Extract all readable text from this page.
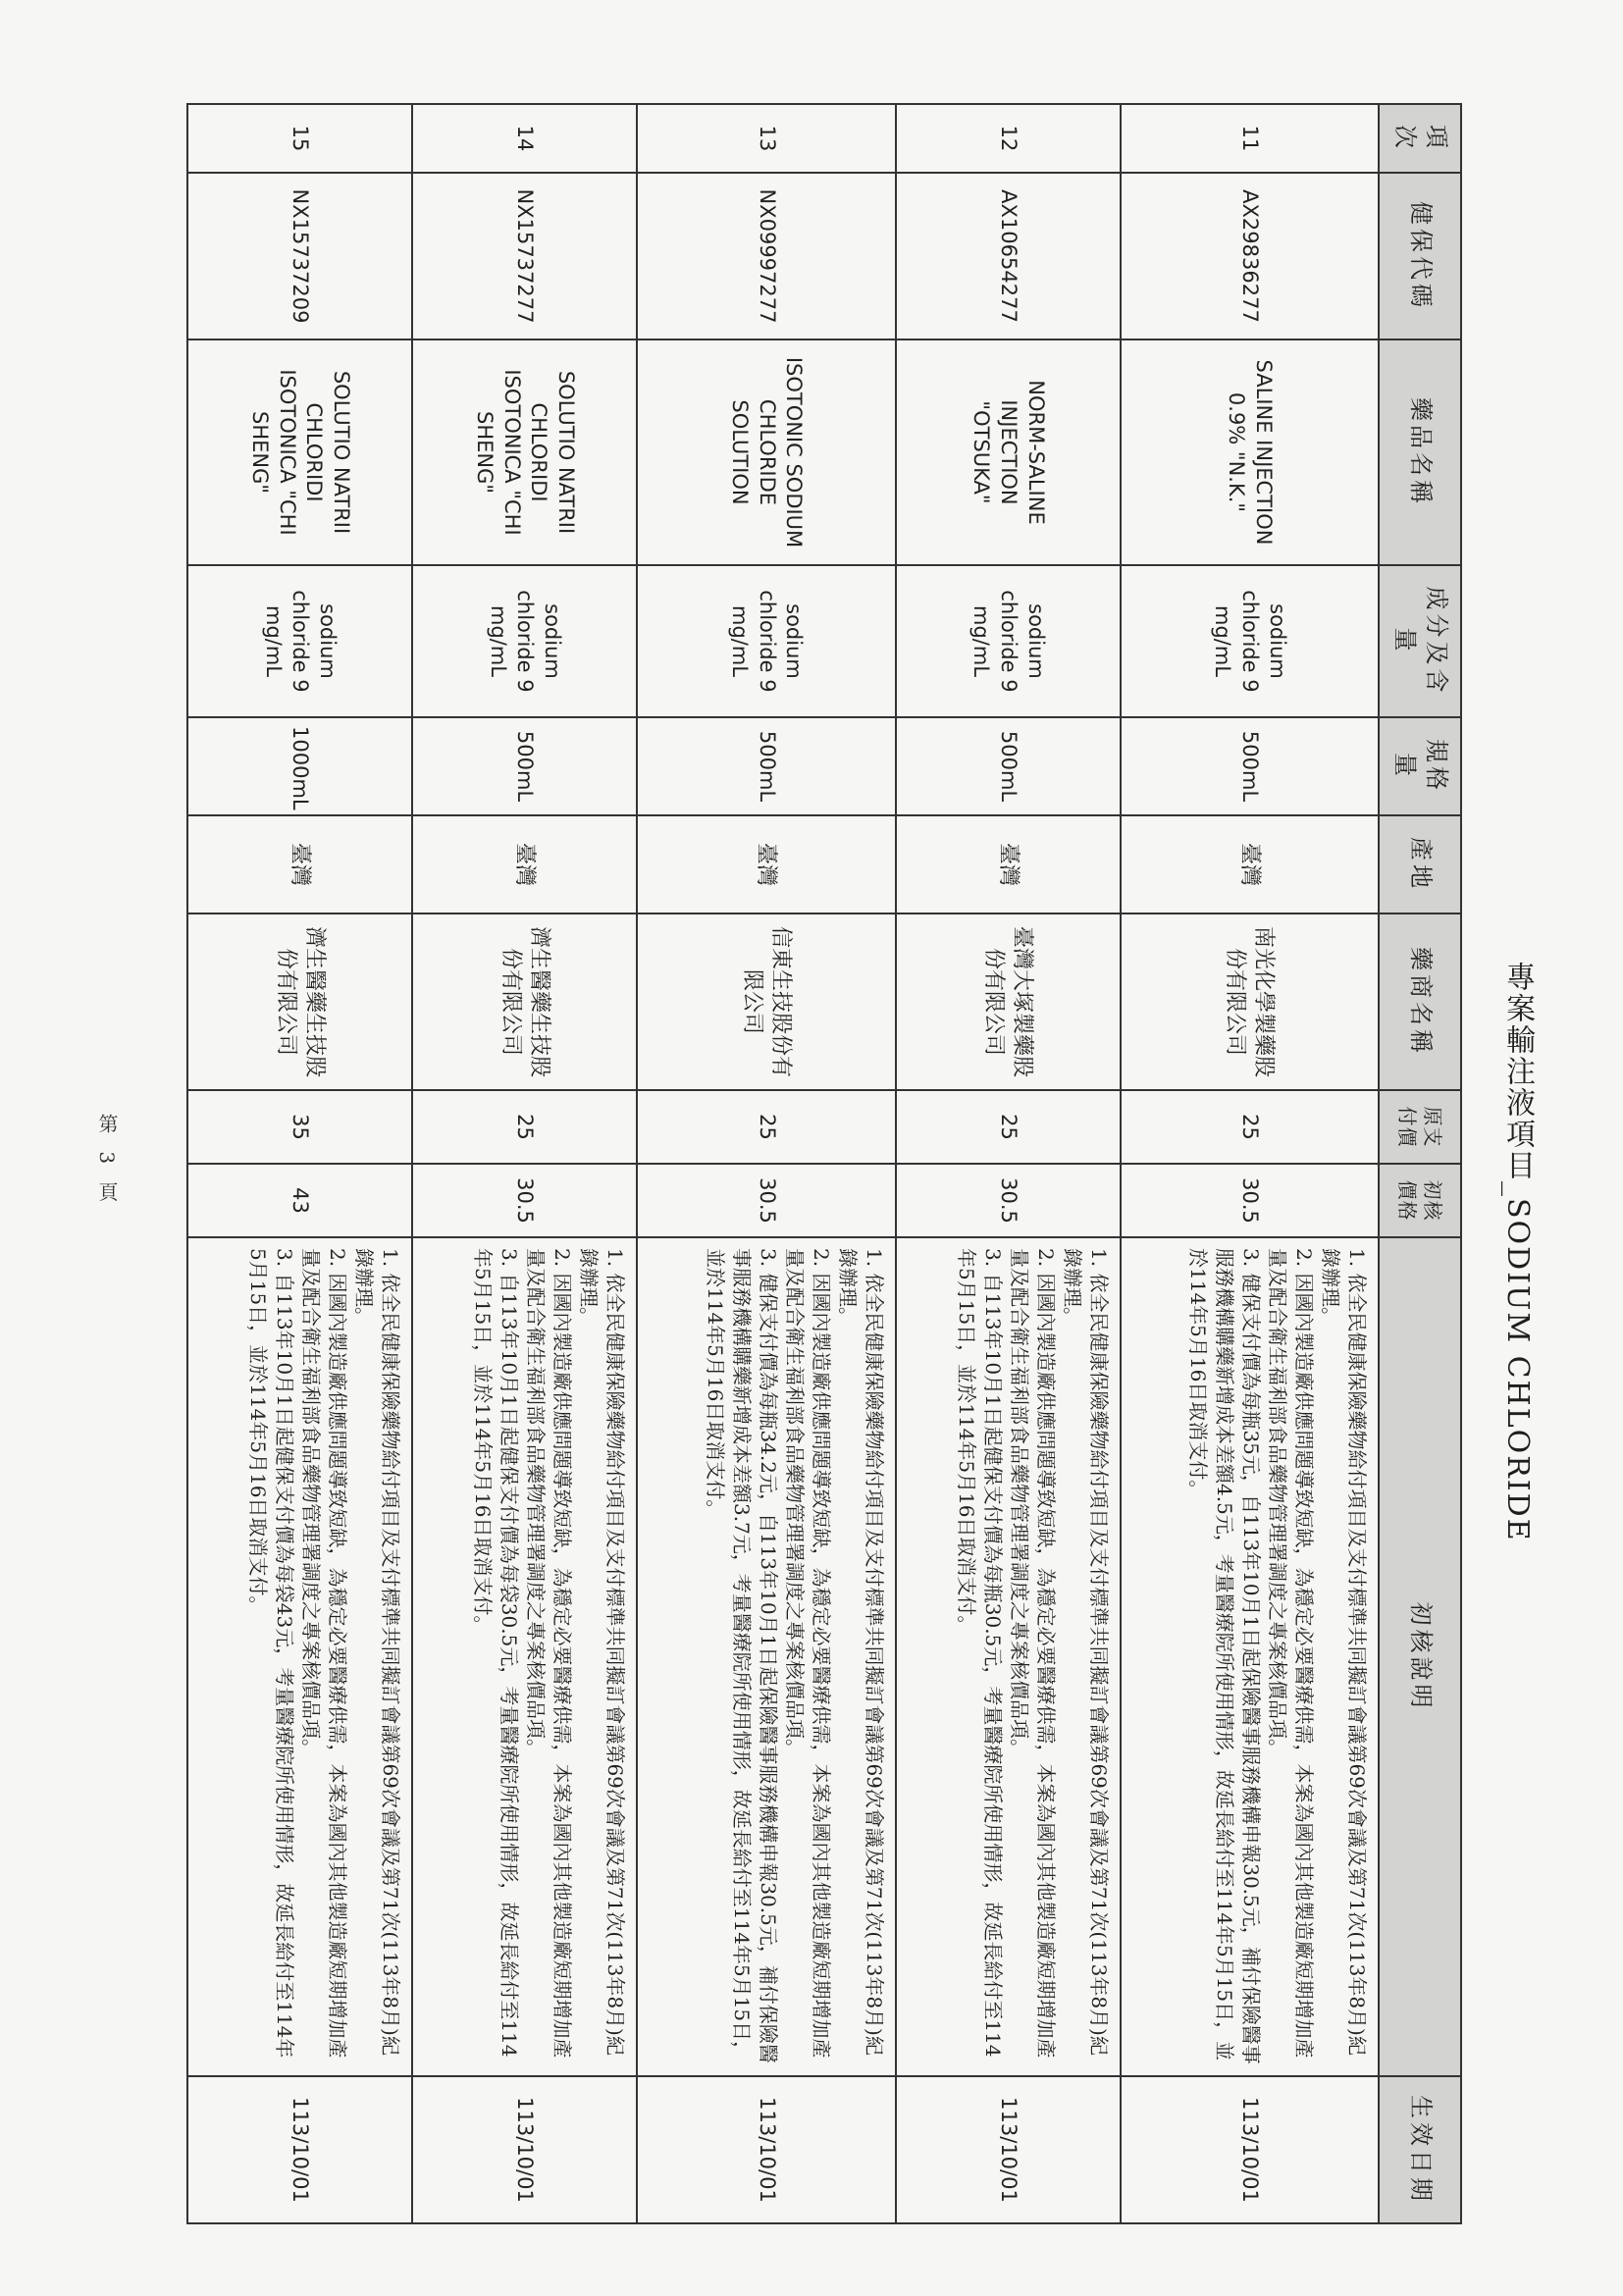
專案輸注液項目_SODIUM CHLORIDE
項次	健保代碼	藥品名稱	成分及含量	規格量	產地	藥商名稱	原支付價	初核價格	初核說明	生效日期
11	AX29836277	SALINE INJECTION 0.9% "N.K."	sodium chloride 9 mg/mL	500mL	臺灣	南光化學製藥股份有限公司	25	30.5	1. 依全民健康保險藥物給付項目及支付標準共同擬訂會議第69次會議及第71次(113年8月)紀錄辦理。
2. 因國內製造廠供應問題導致短缺，為穩定必要醫療供需，本案為國內其他製造廠短期增加產量及配合衛生福利部食品藥物管理署調度之專案核價品項。
3. 健保支付價為每瓶35元，自113年10月1日起保險醫事服務機構申報30.5元，補付保險醫事服務機構購藥新增成本差額4.5元，考量醫療院所使用情形，故延長給付至114年5月15日，並於114年5月16日取消支付。	113/10/01
12	AX10654277	NORM-SALINE INJECTION "OTSUKA"	sodium chloride 9 mg/mL	500mL	臺灣	臺灣大塚製藥股份有限公司	25	30.5	1. 依全民健康保險藥物給付項目及支付標準共同擬訂會議第69次會議及第71次(113年8月)紀錄辦理。
2. 因國內製造廠供應問題導致短缺，為穩定必要醫療供需，本案為國內其他製造廠短期增加產量及配合衛生福利部食品藥物管理署調度之專案核價品項。
3. 自113年10月1日起健保支付價為每瓶30.5元，考量醫療院所使用情形，故延長給付至114年5月15日，並於114年5月16日取消支付。	113/10/01
13	NX09997277	ISOTONIC SODIUM CHLORIDE SOLUTION	sodium chloride 9 mg/mL	500mL	臺灣	信東生技股份有限公司	25	30.5	1. 依全民健康保險藥物給付項目及支付標準共同擬訂會議第69次會議及第71次(113年8月)紀錄辦理。
2. 因國內製造廠供應問題導致短缺，為穩定必要醫療供需，本案為國內其他製造廠短期增加產量及配合衛生福利部食品藥物管理署調度之專案核價品項。
3. 健保支付價為每瓶34.2元，自113年10月1日起保險醫事服務機構申報30.5元，補付保險醫事服務機構購藥新增成本差額3.7元，考量醫療院所使用情形，故延長給付至114年5月15日，並於114年5月16日取消支付。	113/10/01
14	NX15737277	SOLUTIO NATRII CHLORIDI ISOTONICA "CHI SHENG"	sodium chloride 9 mg/mL	500mL	臺灣	濟生醫藥生技股份有限公司	25	30.5	1. 依全民健康保險藥物給付項目及支付標準共同擬訂會議第69次會議及第71次(113年8月)紀錄辦理。
2. 因國內製造廠供應問題導致短缺，為穩定必要醫療供需，本案為國內其他製造廠短期增加產量及配合衛生福利部食品藥物管理署調度之專案核價品項。
3. 自113年10月1日起健保支付價為每袋30.5元，考量醫療院所使用情形，故延長給付至114年5月15日，並於114年5月16日取消支付。	113/10/01
15	NX15737209	SOLUTIO NATRII CHLORIDI ISOTONICA "CHI SHENG"	sodium chloride 9 mg/mL	1000mL	臺灣	濟生醫藥生技股份有限公司	35	43	1. 依全民健康保險藥物給付項目及支付標準共同擬訂會議第69次會議及第71次(113年8月)紀錄辦理。
2. 因國內製造廠供應問題導致短缺，為穩定必要醫療供需，本案為國內其他製造廠短期增加產量及配合衛生福利部食品藥物管理署調度之專案核價品項。
3. 自113年10月1日起健保支付價為每袋43元，考量醫療院所使用情形，故延長給付至114年5月15日，並於114年5月16日取消支付。	113/10/01
第 3 頁
